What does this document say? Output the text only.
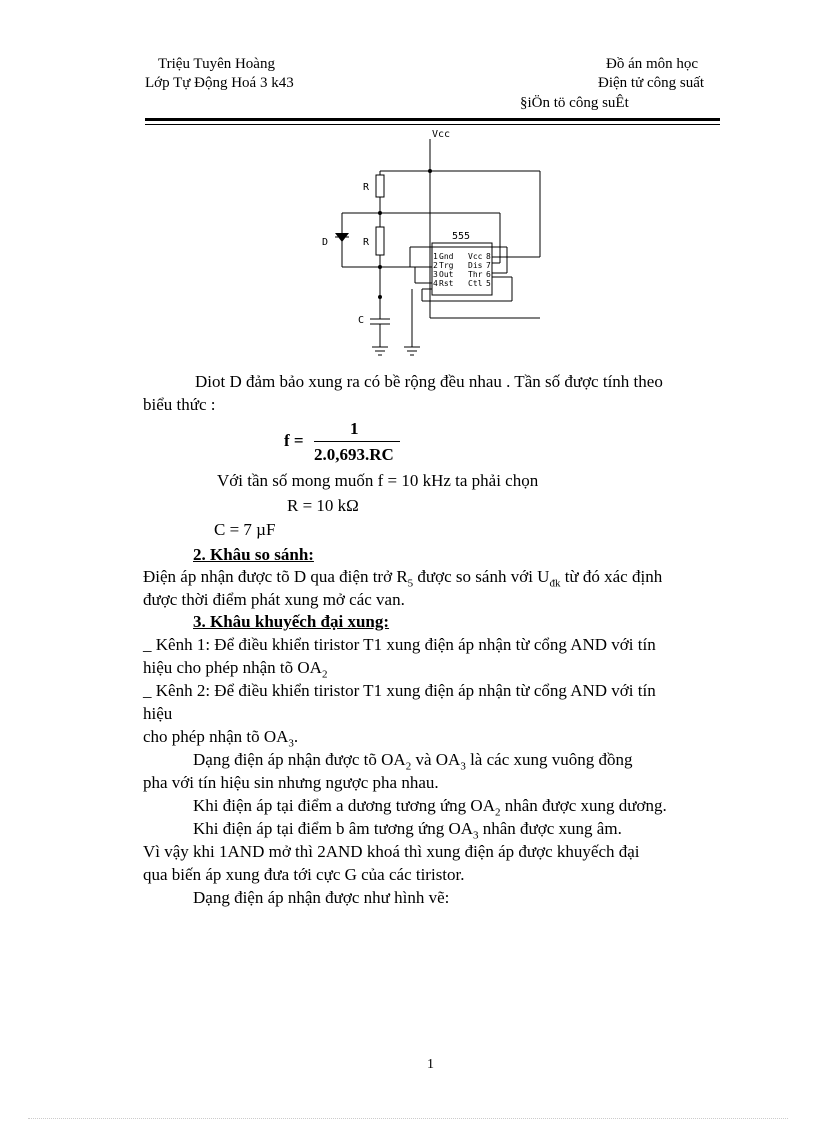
Triệu Tuyên Hoàng
Lớp Tự Động Hoá 3 k43
Đồ án môn học
Điện tử công suất
§iÖn tö công suÊt
Vcc
555
R
R
D
C
1
2
3
4
Gnd
Trg
Out
Rst
Vcc
Dis
Thr
Ctl
8
7
6
5
Diot D đảm bảo xung ra có bề rộng đều nhau . Tần số được tính theo
biểu thức :
f =
1
2.0,693.RC
Với tần số mong muốn f = 10 kHz ta phải chọn
R = 10 kΩ
C = 7 µF
2. Khâu so sánh:
Điện áp nhận được tõ D qua điện trở $R_5$ được so sánh với $U_{đk}$ từ đó xác định
được thời điểm phát xung mở các van.
3. Khâu khuyếch đại xung:
_ Kênh 1: Để điều khiển tiristor T1 xung điện áp nhận từ cổng AND với tín
hiệu cho phép nhận tõ $OA_2$
_ Kênh 2: Để điều khiển tiristor T1 xung điện áp nhận từ cổng AND với tín
hiệu
cho phép nhận tõ $OA_3$.
Dạng điện áp nhận được tõ $OA_2$ và $OA_3$ là các xung vuông đồng
pha với tín hiệu sin nhưng ngược pha nhau.
Khi điện áp tại điểm a dương tương ứng $OA_2$ nhân được xung dương.
Khi điện áp tại điểm b âm tương ứng $OA_3$ nhân được xung âm.
Vì vậy khi 1AND mở thì 2AND khoá thì xung điện áp được khuyếch đại
qua biến áp xung đưa tới cực G của các tiristor.
Dạng điện áp nhận được như hình vẽ:
1
